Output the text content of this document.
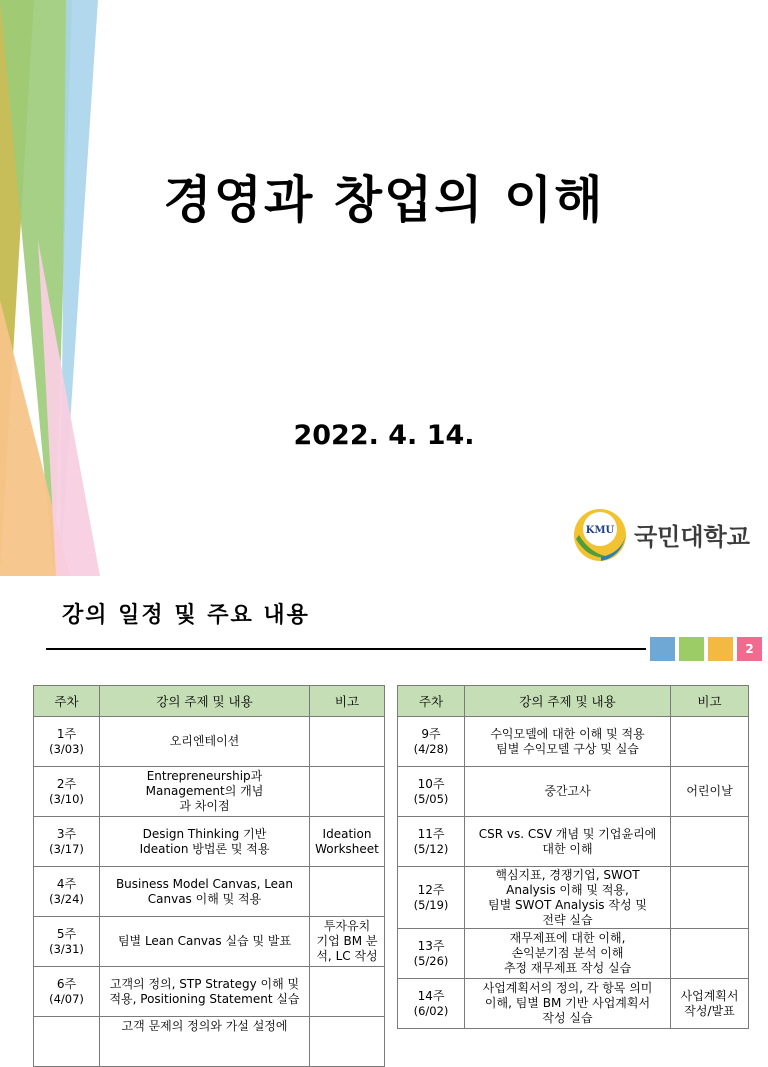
경영과 창업의 이해
2022. 4. 14.
KMU 국민대학교
강의 일정 및 주요 내용
2
주차	강의 주제 및 내용	비고
1주
(3/03)	오리엔테이션	
2주
(3/10)	Entrepreneurship과
Management의 개념
과 차이점	
3주
(3/17)	Design Thinking 기반
Ideation 방법론 및 적용	Ideation
Worksheet
4주
(3/24)	Business Model Canvas, Lean
Canvas 이해 및 적용	
5주
(3/31)	팀별 Lean Canvas 실습 및 발표	투자유치
기업 BM 분
석, LC 작성
6주
(4/07)	고객의 정의, STP Strategy 이해 및
적용, Positioning Statement 실습	

	고객 문제의 정의와 가설 설정에	
주차	강의 주제 및 내용	비고
9주
(4/28)	수익모델에 대한 이해 및 적용
팀별 수익모델 구상 및 실습	
10주
(5/05)	중간고사	어린이날
11주
(5/12)	CSR vs. CSV 개념 및 기업윤리에
대한 이해	
12주
(5/19)	핵심지표, 경쟁기업, SWOT
Analysis 이해 및 적용,
팀별 SWOT Analysis 작성 및
전략 실습	
13주
(5/26)	재무제표에 대한 이해,
손익분기점 분석 이해
추정 재무제표 작성 실습	
14주
(6/02)	사업계획서의 정의, 각 항목 의미
이해, 팀별 BM 기반 사업계획서
작성 실습	사업계획서
작성/발표
